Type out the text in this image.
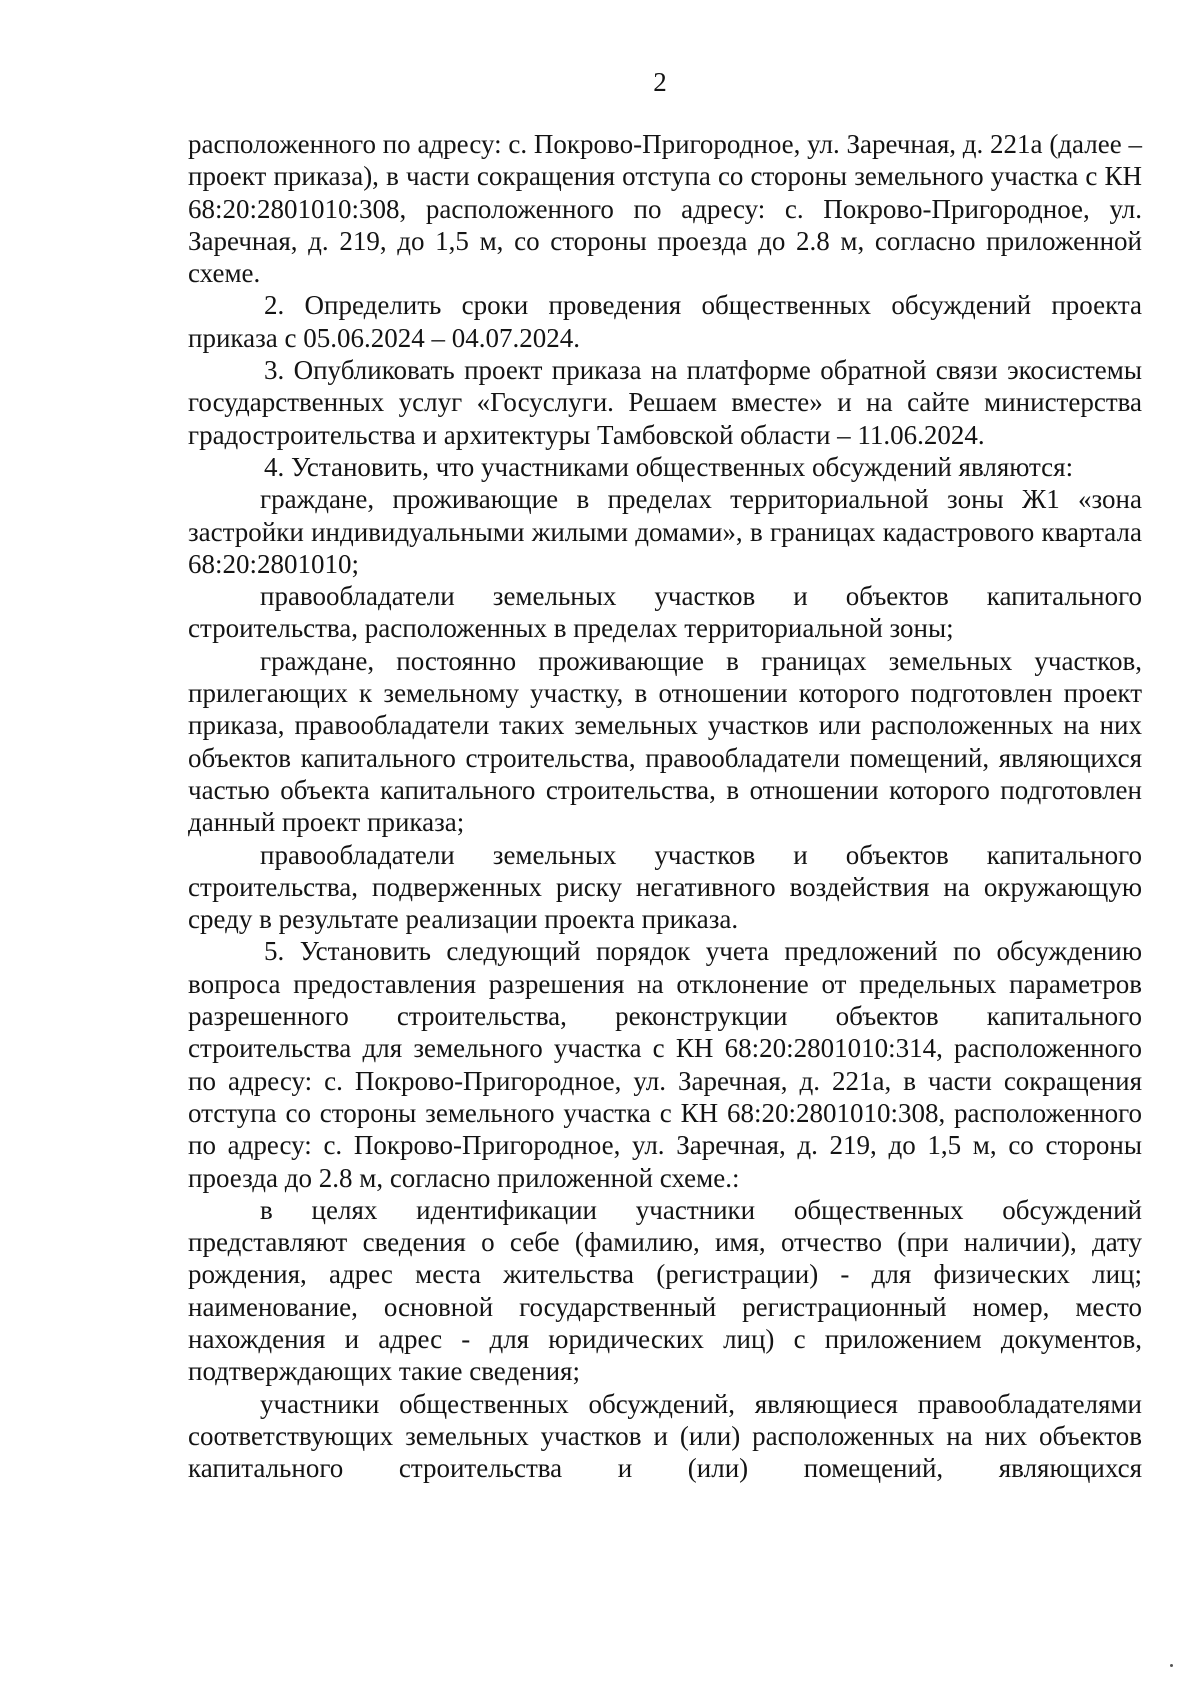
2

расположенного по адресу: с. Покрово-Пригородное, ул. Заречная, д. 221а (далее – проект приказа), в части сокращения отступа со стороны земельного участка с КН 68:20:2801010:308, расположенного по адресу: с. Покрово-Пригородное, ул. Заречная, д. 219, до 1,5 м, со стороны проезда до 2.8 м, согласно приложенной схеме.

2. Определить сроки проведения общественных обсуждений проекта приказа с 05.06.2024 – 04.07.2024.

3. Опубликовать проект приказа на платформе обратной связи экосистемы государственных услуг «Госуслуги. Решаем вместе» и на сайте министерства градостроительства и архитектуры Тамбовской области – 11.06.2024.

4. Установить, что участниками общественных обсуждений являются:

граждане, проживающие в пределах территориальной зоны Ж1 «зона застройки индивидуальными жилыми домами», в границах кадастрового квартала 68:20:2801010;

правообладатели земельных участков и объектов капитального строительства, расположенных в пределах территориальной зоны;

граждане, постоянно проживающие в границах земельных участков, прилегающих к земельному участку, в отношении которого подготовлен проект приказа, правообладатели таких земельных участков или расположенных на них объектов капитального строительства, правообладатели помещений, являющихся частью объекта капитального строительства, в отношении которого подготовлен данный проект приказа;

правообладатели земельных участков и объектов капитального строительства, подверженных риску негативного воздействия на окружающую среду в результате реализации проекта приказа.

5. Установить следующий порядок учета предложений по обсуждению вопроса предоставления разрешения на отклонение от предельных параметров разрешенного строительства, реконструкции объектов капитального строительства для земельного участка с КН 68:20:2801010:314, расположенного по адресу: с. Покрово-Пригородное, ул. Заречная, д. 221а, в части сокращения отступа со стороны земельного участка с КН 68:20:2801010:308, расположенного по адресу: с. Покрово-Пригородное, ул. Заречная, д. 219, до 1,5 м, со стороны проезда до 2.8 м, согласно приложенной схеме.:

в целях идентификации участники общественных обсуждений представляют сведения о себе (фамилию, имя, отчество (при наличии), дату рождения, адрес места жительства (регистрации) - для физических лиц; наименование, основной государственный регистрационный номер, место нахождения и адрес - для юридических лиц) с приложением документов, подтверждающих такие сведения;

участники общественных обсуждений, являющиеся правообладателями соответствующих земельных участков и (или) расположенных на них объектов капитального строительства и (или) помещений, являющихся
